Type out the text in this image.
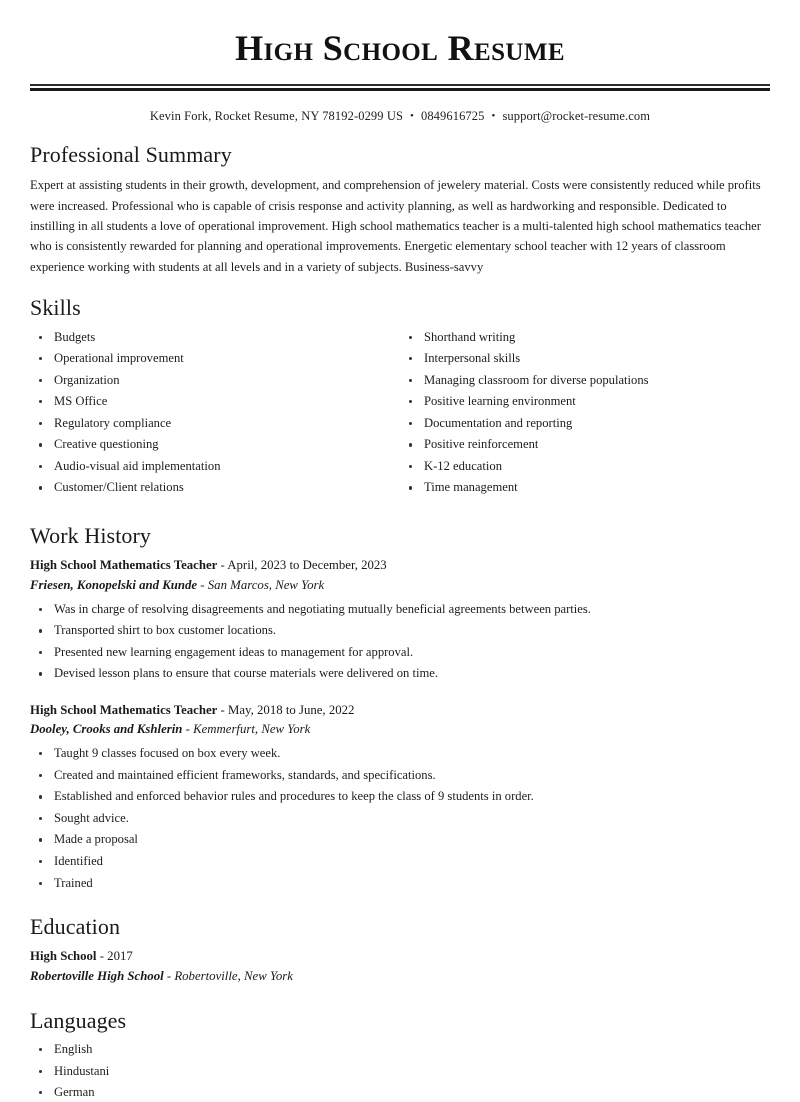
High School Resume
Kevin Fork, Rocket Resume, NY 78192-0299 US • 0849616725 • support@rocket-resume.com
Professional Summary

Expert at assisting students in their growth, development, and comprehension of jewelery material. Costs were consistently reduced while profits were increased. Professional who is capable of crisis response and activity planning, as well as hardworking and responsible. Dedicated to instilling in all students a love of operational improvement. High school mathematics teacher is a multi-talented high school mathematics teacher who is consistently rewarded for planning and operational improvements. Energetic elementary school teacher with 12 years of classroom experience working with students at all levels and in a variety of subjects. Business-savvy

Skills
Budgets
Operational improvement
Organization
MS Office
Regulatory compliance
Creative questioning
Audio-visual aid implementation
Customer/Client relations
Shorthand writing
Interpersonal skills
Managing classroom for diverse populations
Positive learning environment
Documentation and reporting
Positive reinforcement
K-12 education
Time management
Work History
High School Mathematics Teacher - April, 2023 to December, 2023
Friesen, Konopelski and Kunde - San Marcos, New York
Was in charge of resolving disagreements and negotiating mutually beneficial agreements between parties.
Transported shirt to box customer locations.
Presented new learning engagement ideas to management for approval.
Devised lesson plans to ensure that course materials were delivered on time.
High School Mathematics Teacher - May, 2018 to June, 2022
Dooley, Crooks and Kshlerin - Kemmerfurt, New York
Taught 9 classes focused on box every week.
Created and maintained efficient frameworks, standards, and specifications.
Established and enforced behavior rules and procedures to keep the class of 9 students in order.
Sought advice.
Made a proposal
Identified
Trained
Education
High School - 2017
Robertoville High School - Robertoville, New York
Languages
English
Hindustani
German
